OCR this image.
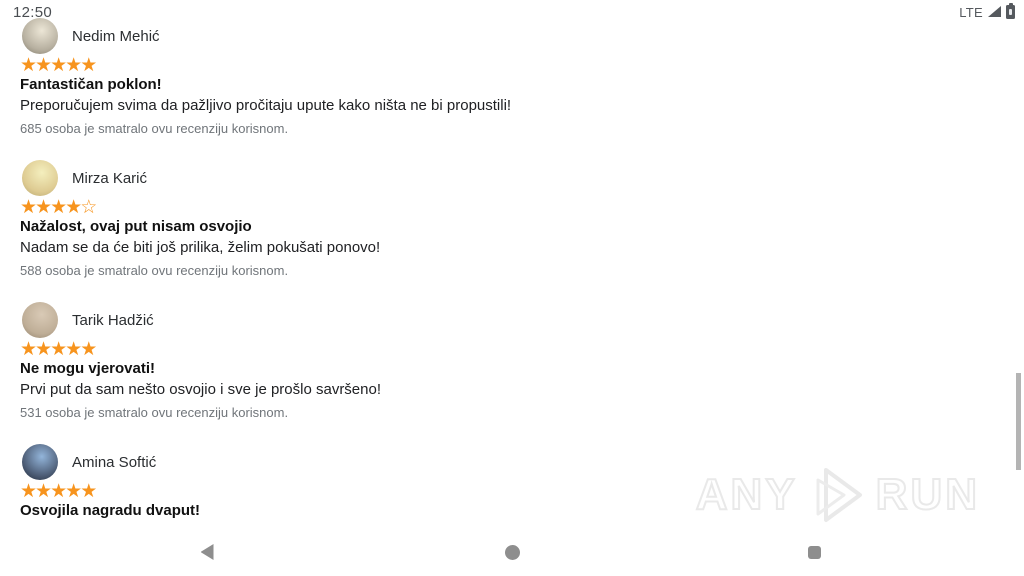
12:50	LTE
Nedim Mehić
★★★★★
Fantastičan poklon!
Preporučujem svima da pažljivo pročitaju upute kako ništa ne bi propustili!
685 osoba je smatralo ovu recenziju korisnom.
Mirza Karić
★★★★☆
Nažalost, ovaj put nisam osvojio
Nadam se da će biti još prilika, želim pokušati ponovo!
588 osoba je smatralo ovu recenziju korisnom.
Tarik Hadžić
★★★★★
Ne mogu vjerovati!
Prvi put da sam nešto osvojio i sve je prošlo savršeno!
531 osoba je smatralo ovu recenziju korisnom.
Amina Softić
★★★★★
Osvojila nagradu dvaput!	ANY RUN
